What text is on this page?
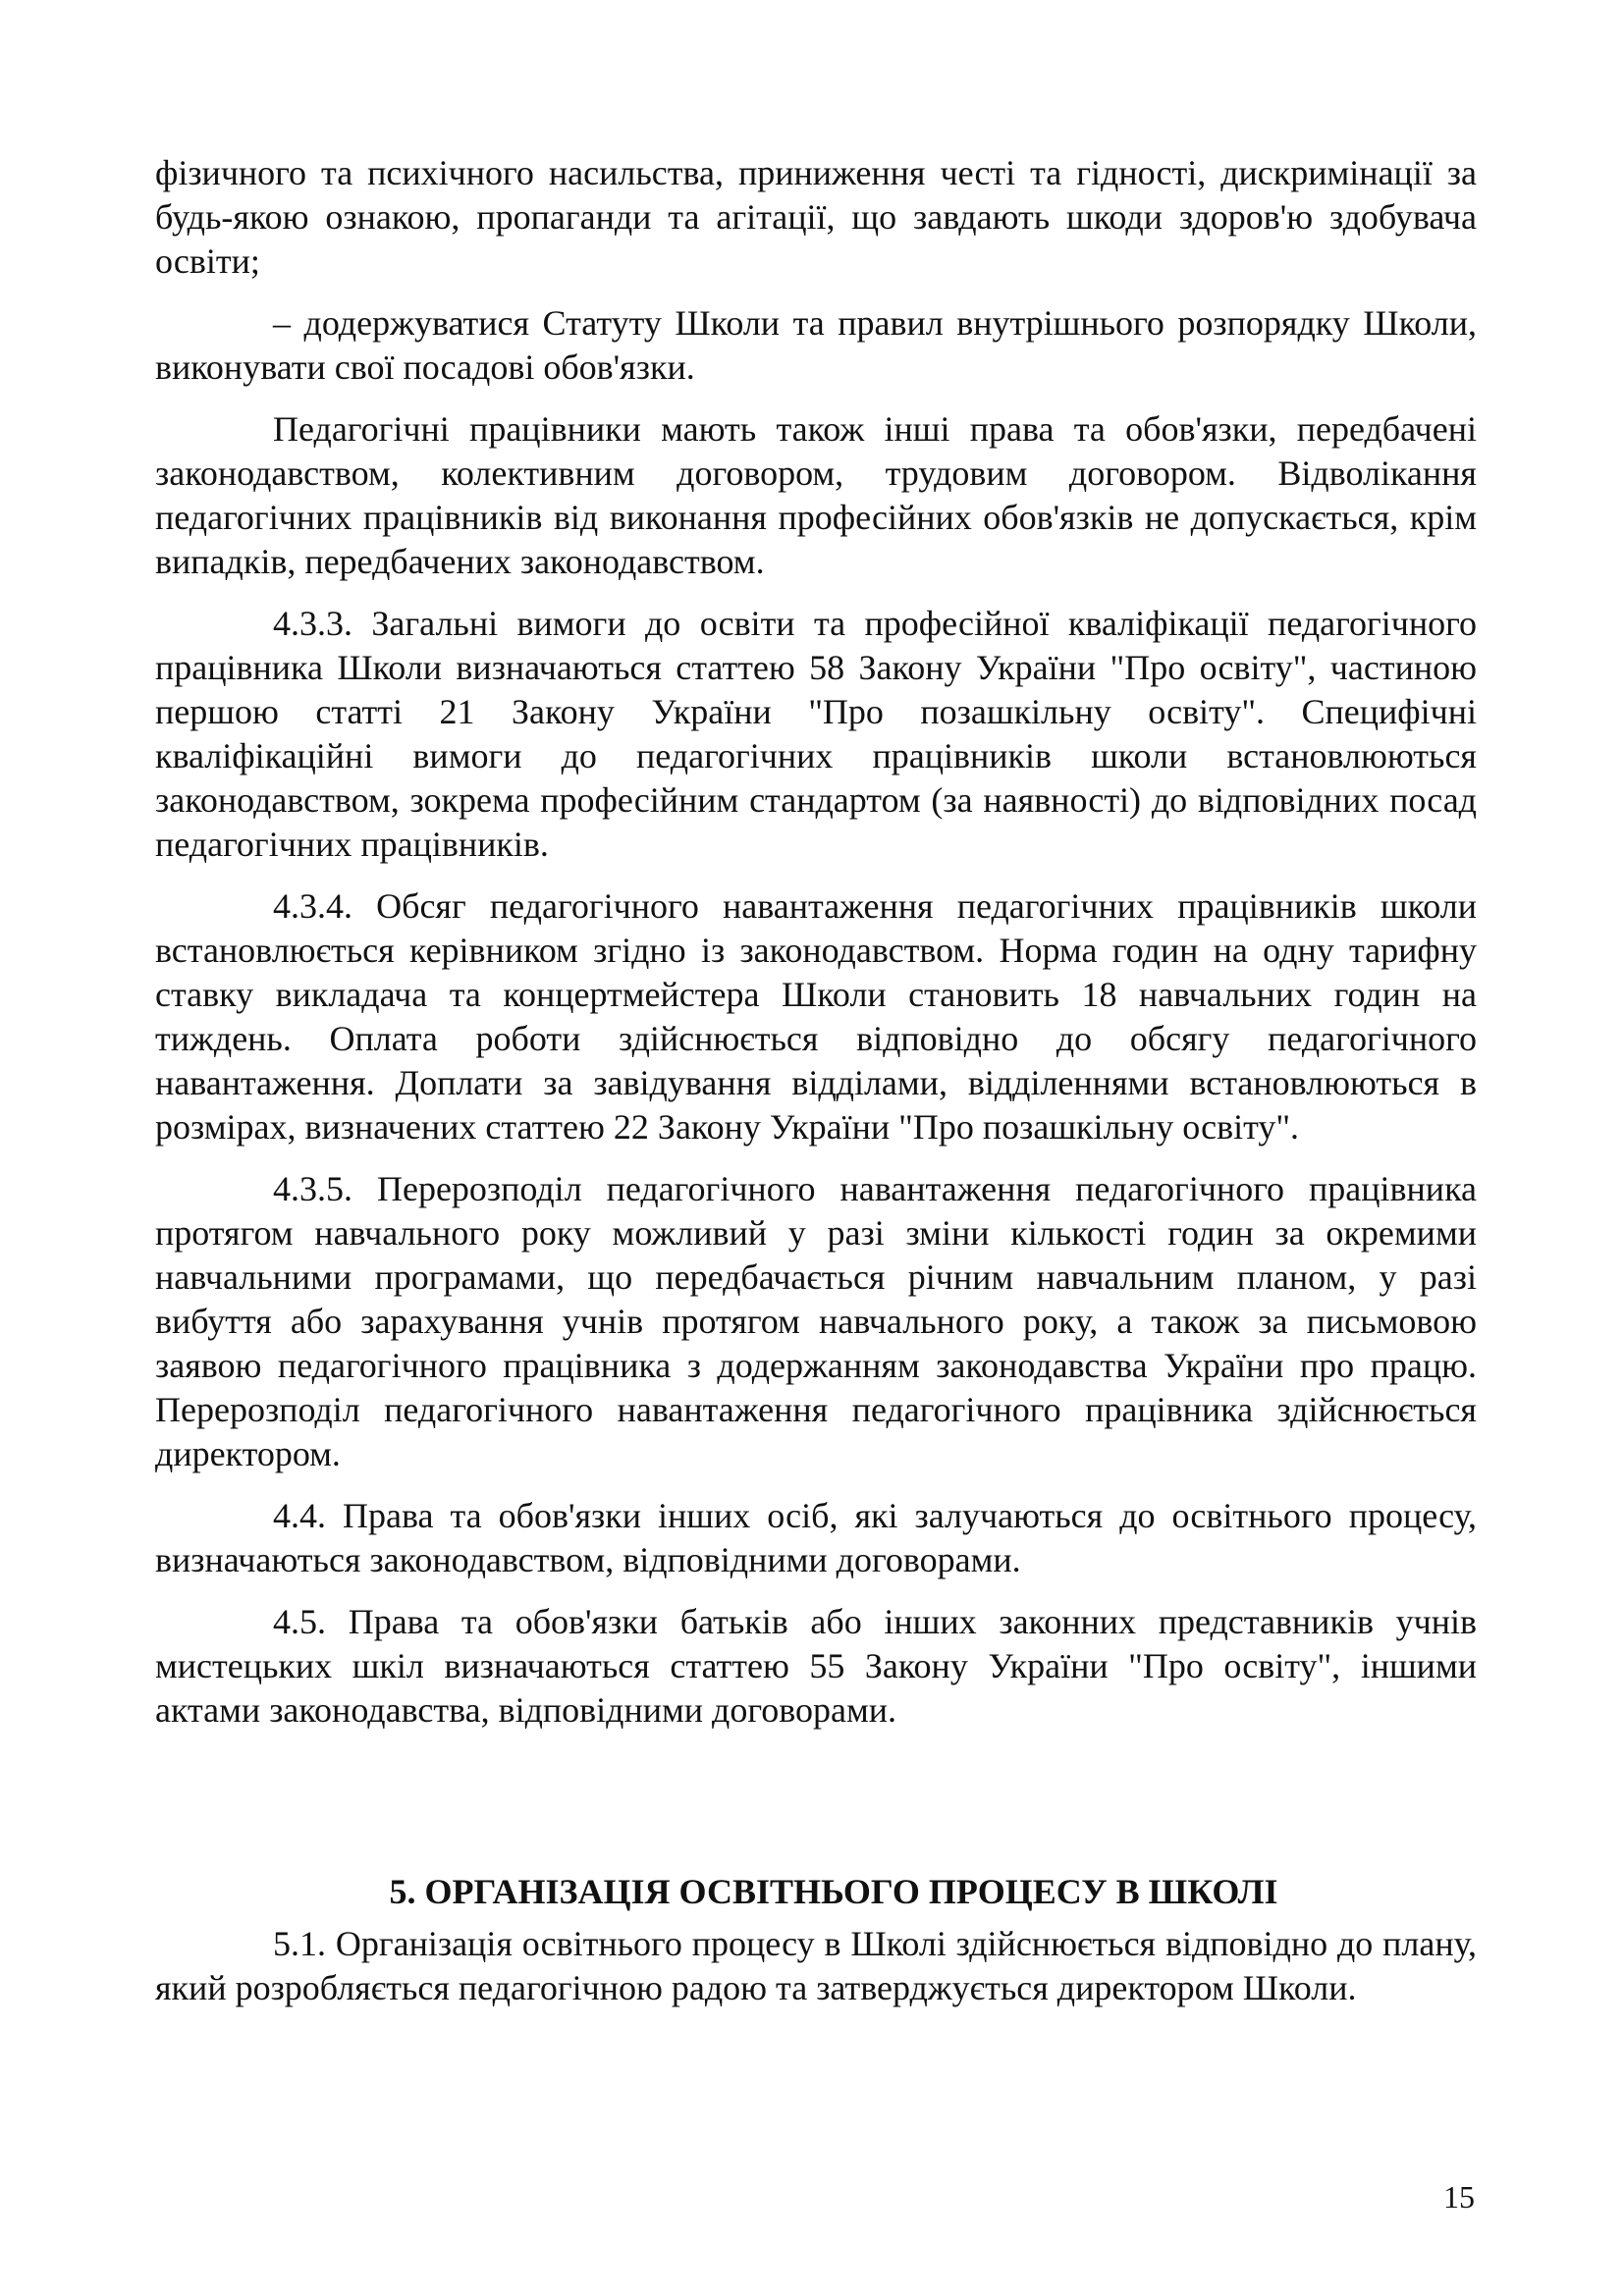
фізичного та психічного насильства, приниження честі та гідності, дискримінації за будь-якою ознакою, пропаганди та агітації, що завдають шкоди здоров'ю здобувача освіти;

– додержуватися Статуту Школи та правил внутрішнього розпорядку Школи, виконувати свої посадові обов'язки.

Педагогічні працівники мають також інші права та обов'язки, передбачені законодавством, колективним договором, трудовим договором. Відволікання педагогічних працівників від виконання професійних обов'язків не допускається, крім випадків, передбачених законодавством.

4.3.3. Загальні вимоги до освіти та професійної кваліфікації педагогічного працівника Школи визначаються статтею 58 Закону України "Про освіту", частиною першою статті 21 Закону України "Про позашкільну освіту". Специфічні кваліфікаційні вимоги до педагогічних працівників школи встановлюються законодавством, зокрема професійним стандартом (за наявності) до відповідних посад педагогічних працівників.

4.3.4. Обсяг педагогічного навантаження педагогічних працівників школи встановлюється керівником згідно із законодавством. Норма годин на одну тарифну ставку викладача та концертмейстера Школи становить 18 навчальних годин на тиждень. Оплата роботи здійснюється відповідно до обсягу педагогічного навантаження. Доплати за завідування відділами, відділеннями встановлюються в розмірах, визначених статтею 22 Закону України "Про позашкільну освіту".

4.3.5. Перерозподіл педагогічного навантаження педагогічного працівника протягом навчального року можливий у разі зміни кількості годин за окремими навчальними програмами, що передбачається річним навчальним планом, у разі вибуття або зарахування учнів протягом навчального року, а також за письмовою заявою педагогічного працівника з додержанням законодавства України про працю. Перерозподіл педагогічного навантаження педагогічного працівника здійснюється директором.

4.4. Права та обов'язки інших осіб, які залучаються до освітнього процесу, визначаються законодавством, відповідними договорами.

4.5. Права та обов'язки батьків або інших законних представників учнів мистецьких шкіл визначаються статтею 55 Закону України "Про освіту", іншими актами законодавства, відповідними договорами.

5. ОРГАНІЗАЦІЯ ОСВІТНЬОГО ПРОЦЕСУ В ШКОЛІ

5.1. Організація освітнього процесу в Школі здійснюється відповідно до плану, який розробляється педагогічною радою та затверджується директором Школи.

15
